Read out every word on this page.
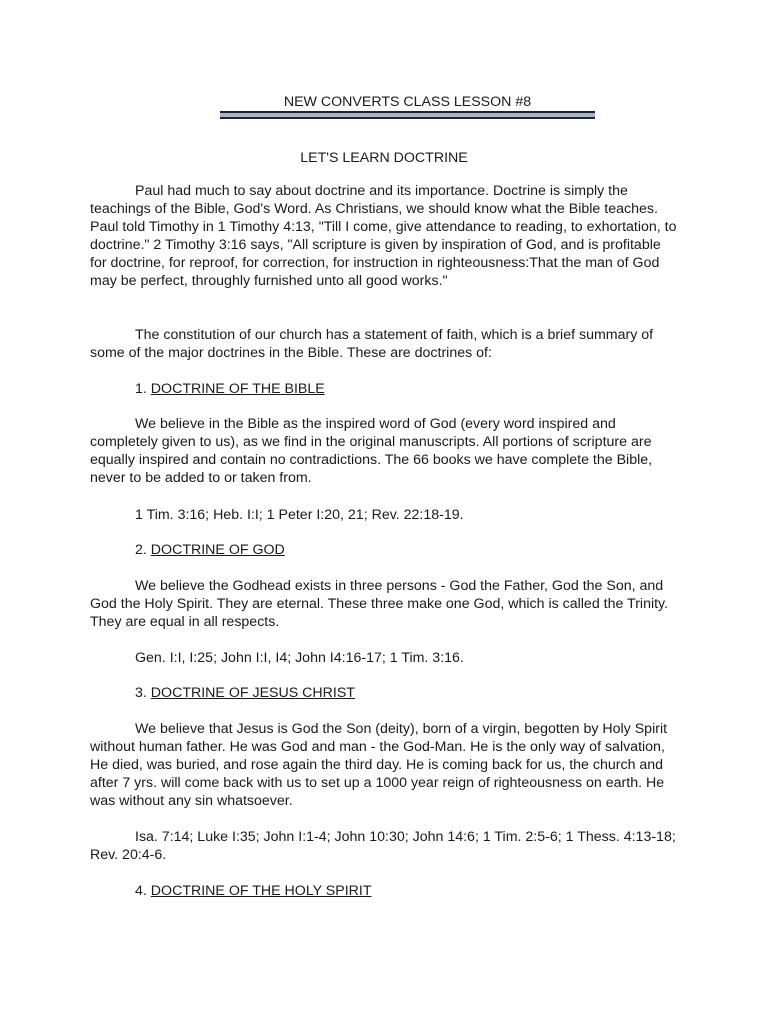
NEW CONVERTS CLASS LESSON #8
LET'S LEARN DOCTRINE

Paul had much to say about doctrine and its importance. Doctrine is simply the teachings of the Bible, God's Word. As Christians, we should know what the Bible teaches. Paul told Timothy in 1 Timothy 4:13, "Till I come, give attendance to reading, to exhortation, to doctrine." 2 Timothy 3:16 says, "All scripture is given by inspiration of God, and is profitable for doctrine, for reproof, for correction, for instruction in righteousness:That the man of God may be perfect, throughly furnished unto all good works."

The constitution of our church has a statement of faith, which is a brief summary of some of the major doctrines in the Bible. These are doctrines of:

1. DOCTRINE OF THE BIBLE

We believe in the Bible as the inspired word of God (every word inspired and completely given to us), as we find in the original manuscripts. All portions of scripture are equally inspired and contain no contradictions. The 66 books we have complete the Bible, never to be added to or taken from.

1 Tim. 3:16; Heb. I:I; 1 Peter I:20, 21; Rev. 22:18-19.

2. DOCTRINE OF GOD

We believe the Godhead exists in three persons - God the Father, God the Son, and God the Holy Spirit. They are eternal. These three make one God, which is called the Trinity. They are equal in all respects.

Gen. I:I, I:25; John I:I, I4; John I4:16-17; 1 Tim. 3:16.

3. DOCTRINE OF JESUS CHRIST

We believe that Jesus is God the Son (deity), born of a virgin, begotten by Holy Spirit without human father. He was God and man - the God-Man. He is the only way of salvation, He died, was buried, and rose again the third day. He is coming back for us, the church and after 7 yrs. will come back with us to set up a 1000 year reign of righteousness on earth. He was without any sin whatsoever.

Isa. 7:14; Luke I:35; John I:1-4; John 10:30; John 14:6; 1 Tim. 2:5-6; 1 Thess. 4:13-18; Rev. 20:4-6.

4. DOCTRINE OF THE HOLY SPIRIT
